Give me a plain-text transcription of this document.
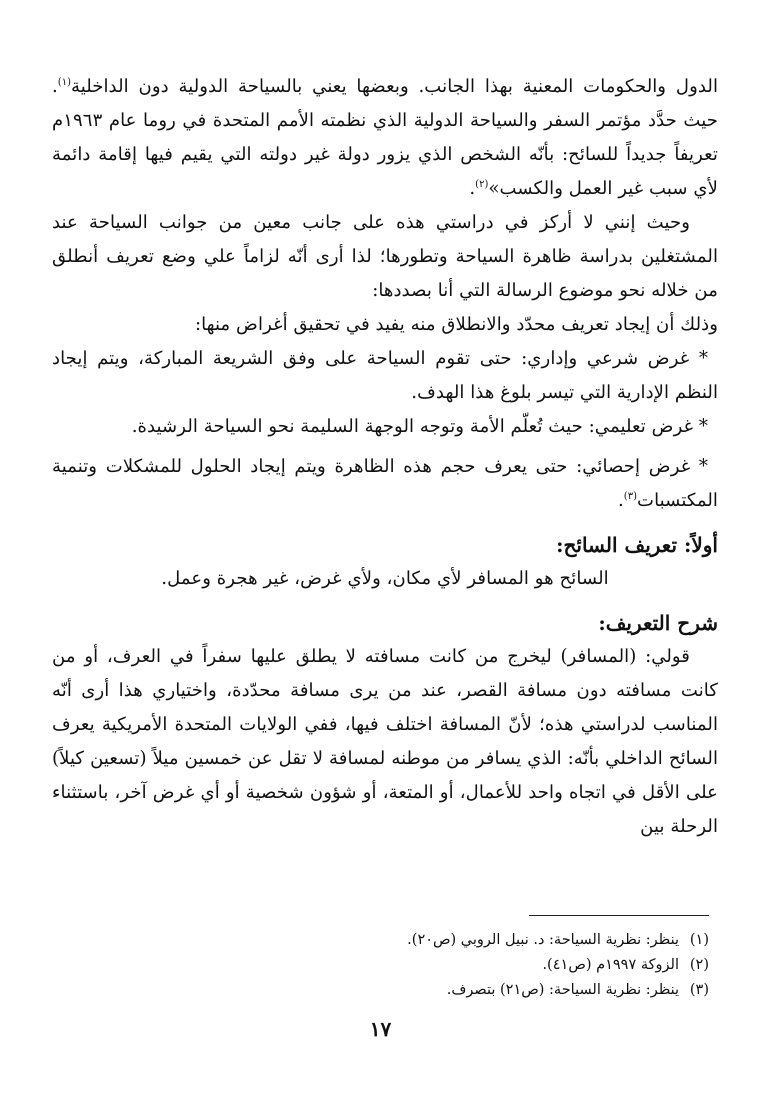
الدول والحكومات المعنية بهذا الجانب. وبعضها يعني بالسياحة الدولية دون الداخلية$^{(١)}$. حيث حدَّد مؤتمر السفر والسياحة الدولية الذي نظمته الأمم المتحدة في روما عام ١٩٦٣م تعريفاً جديداً للسائح: بأنّه الشخص الذي يزور دولة غير دولته التي يقيم فيها إقامة دائمة لأي سبب غير العمل والكسب»$^{(٢)}$.

وحيث إنني لا أركز في دراستي هذه على جانب معين من جوانب السياحة عند المشتغلين بدراسة ظاهرة السياحة وتطورها؛ لذا أرى أنّه لزاماً علي وضع تعريف أنطلق من خلاله نحو موضوع الرسالة التي أنا بصددها:

وذلك أن إيجاد تعريف محدّد والانطلاق منه يفيد في تحقيق أغراض منها:

* غرض شرعي وإداري: حتى تقوم السياحة على وفق الشريعة المباركة، ويتم إيجاد النظم الإدارية التي تيسر بلوغ هذا الهدف.

* غرض تعليمي: حيث تُعلّم الأمة وتوجه الوجهة السليمة نحو السياحة الرشيدة.

* غرض إحصائي: حتى يعرف حجم هذه الظاهرة ويتم إيجاد الحلول للمشكلات وتنمية المكتسبات$^{(٣)}$.

أولاً: تعريف السائح:

السائح هو المسافر لأي مكان، ولأي غرض، غير هجرة وعمل.

شرح التعريف:

قولي: (المسافر) ليخرج من كانت مسافته لا يطلق عليها سفراً في العرف، أو من كانت مسافته دون مسافة القصر، عند من يرى مسافة محدّدة، واختياري هذا أرى أنّه المناسب لدراستي هذه؛ لأنّ المسافة اختلف فيها، ففي الولايات المتحدة الأمريكية يعرف السائح الداخلي بأنّه: الذي يسافر من موطنه لمسافة لا تقل عن خمسين ميلاً (تسعين كيلاً) على الأقل في اتجاه واحد للأعمال، أو المتعة، أو شؤون شخصية أو أي غرض آخر، باستثناء الرحلة بين

(١)ينظر: نظرية السياحة: د. نبيل الروبي (ص٢٠).

(٢)الزوكة ١٩٩٧م (ص٤١).

(٣)ينظر: نظرية السياحة: (ص٢١) بتصرف.

١٧
